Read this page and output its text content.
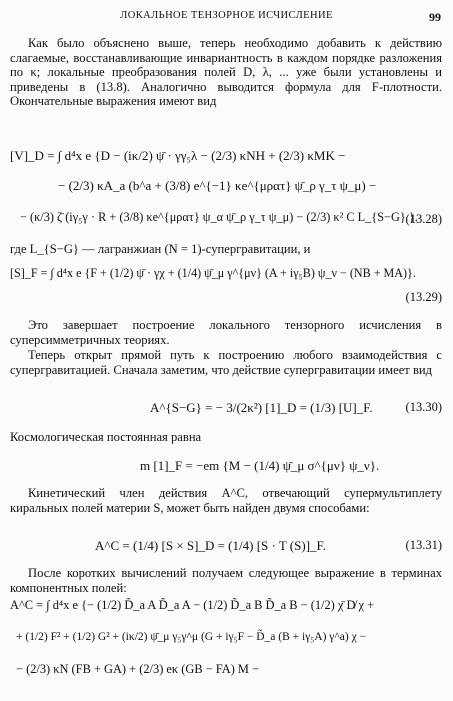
ЛОКАЛЬНОЕ ТЕНЗОРНОЕ ИСЧИСЛЕНИЕ	99

Как было объяснено выше, теперь необходимо добавить к действию слагаемые, восстанавливающие инвариантность в каждом порядке разложения по κ; локальные преобразования полей D, λ, ... уже были установлены и приведены в (13.8). Аналогично выводится формула для F-плотности. Окончательные выражения имеют вид

[V]_D = ∫ d⁴x e {D − (iκ/2) ψ̄ · γγ₅λ − (2/3) κNH + (2/3) κMK −
− (2/3) κA_a (b^a + (3/8) e^{−1} κe^{μρατ} ψ̄_ρ γ_τ ψ_μ) −
− (κ/3) ζ̄ (iγ₅γ · R + (3/8) κe^{μρατ} ψ_α ψ̄_ρ γ_τ ψ_μ) − (2/3) κ² C L_{S−G} }.
(13.28)

где L_{S−G} — лагранжиан (N = 1)-супергравитации, и

[S]_F = ∫ d⁴x e {F + (1/2) ψ̄ · γχ + (1/4) ψ̄_μ γ^{μν} (A + iγ₅B) ψ_ν − (NB + MA)}.
(13.29)

Это завершает построение локального тензорного исчисления в суперсимметричных теориях.

Теперь открыт прямой путь к построению любого взаимодействия с супергравитацией. Сначала заметим, что действие супергравитации имеет вид

A^{S−G} = − 3/(2κ²) [1]_D = (1/3) [U]_F.	(13.30)

Космологическая постоянная равна

m [1]_F = −em {M − (1/4) ψ̄_μ σ^{μν} ψ_ν}.

Кинетический член действия A^C, отвечающий супермультиплету киральных полей материи S, может быть найден двумя способами:

A^C = (1/4) [S × S]_D = (1/4) [S · T (S)]_F.	(13.31)

После коротких вычислений получаем следующее выражение в терминах компонентных полей:

A^C = ∫ d⁴x e {− (1/2) D̃_a A D̃_a A − (1/2) D̃_a B D̃_a B − (1/2) χ̄ D̸ χ +
+ (1/2) F² + (1/2) G² + (iκ/2) ψ̄_μ γ₅γ^μ (G + iγ₅F − D̃_a (B + iγ₅A) γ^a) χ −
− (2/3) κN (FB + GA) + (2/3) eκ (GB − FA) M −
